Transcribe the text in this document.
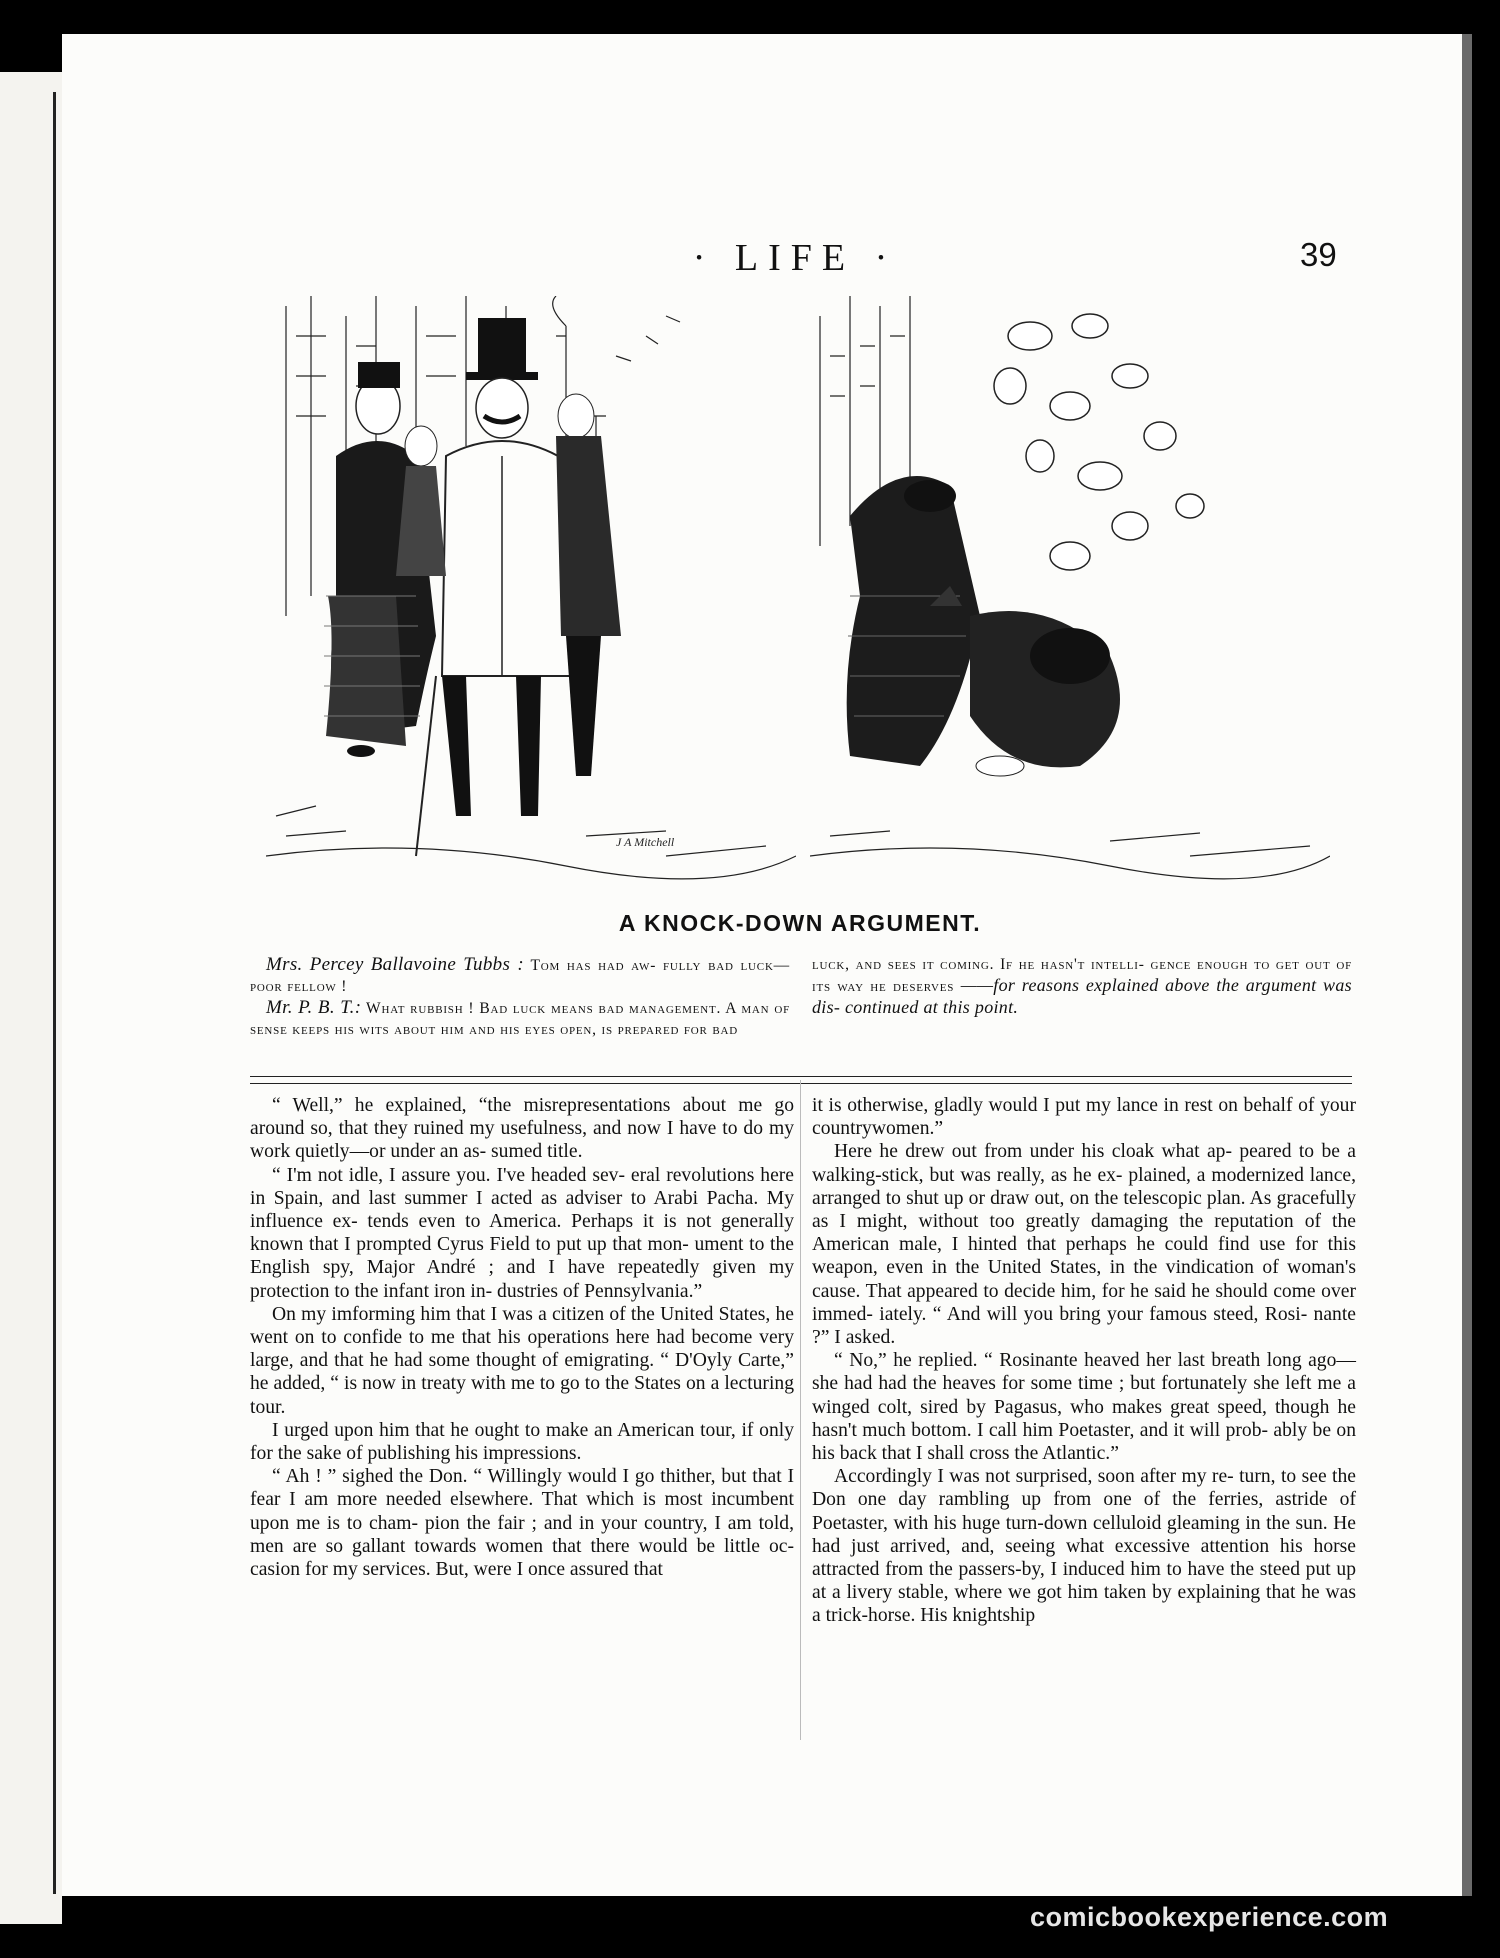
· LIFE ·	39
J A Mitchell
A KNOCK-DOWN ARGUMENT.

Mrs. Percey Ballavoine Tubbs : Tom has had aw- fully bad luck—poor fellow !

Mr. P. B. T.: What rubbish ! Bad luck means bad management. A man of sense keeps his wits about him and his eyes open, is prepared for bad

luck, and sees it coming. If he hasn't intelli- gence enough to get out of its way he deserves ——for reasons explained above the argument was dis- continued at this point.

“ Well,” he explained, “the misrepresentations about me go around so, that they ruined my usefulness, and now I have to do my work quietly—or under an as- sumed title.

“ I'm not idle, I assure you. I've headed sev- eral revolutions here in Spain, and last summer I acted as adviser to Arabi Pacha. My influence ex- tends even to America. Perhaps it is not generally known that I prompted Cyrus Field to put up that mon- ument to the English spy, Major André ; and I have repeatedly given my protection to the infant iron in- dustries of Pennsylvania.”

On my imforming him that I was a citizen of the United States, he went on to confide to me that his operations here had become very large, and that he had some thought of emigrating. “ D'Oyly Carte,” he added, “ is now in treaty with me to go to the States on a lecturing tour.

I urged upon him that he ought to make an American tour, if only for the sake of publishing his impressions.

“ Ah ! ” sighed the Don. “ Willingly would I go thither, but that I fear I am more needed elsewhere. That which is most incumbent upon me is to cham- pion the fair ; and in your country, I am told, men are so gallant towards women that there would be little oc- casion for my services. But, were I once assured that

it is otherwise, gladly would I put my lance in rest on behalf of your countrywomen.”

Here he drew out from under his cloak what ap- peared to be a walking-stick, but was really, as he ex- plained, a modernized lance, arranged to shut up or draw out, on the telescopic plan. As gracefully as I might, without too greatly damaging the reputation of the American male, I hinted that perhaps he could find use for this weapon, even in the United States, in the vindication of woman's cause. That appeared to decide him, for he said he should come over immed- iately. “ And will you bring your famous steed, Rosi- nante ?” I asked.

“ No,” he replied. “ Rosinante heaved her last breath long ago—she had had the heaves for some time ; but fortunately she left me a winged colt, sired by Pagasus, who makes great speed, though he hasn't much bottom. I call him Poetaster, and it will prob- ably be on his back that I shall cross the Atlantic.”

Accordingly I was not surprised, soon after my re- turn, to see the Don one day rambling up from one of the ferries, astride of Poetaster, with his huge turn-down celluloid gleaming in the sun. He had just arrived, and, seeing what excessive attention his horse attracted from the passers-by, I induced him to have the steed put up at a livery stable, where we got him taken by explaining that he was a trick-horse. His knightship

comicbookexperience.com
